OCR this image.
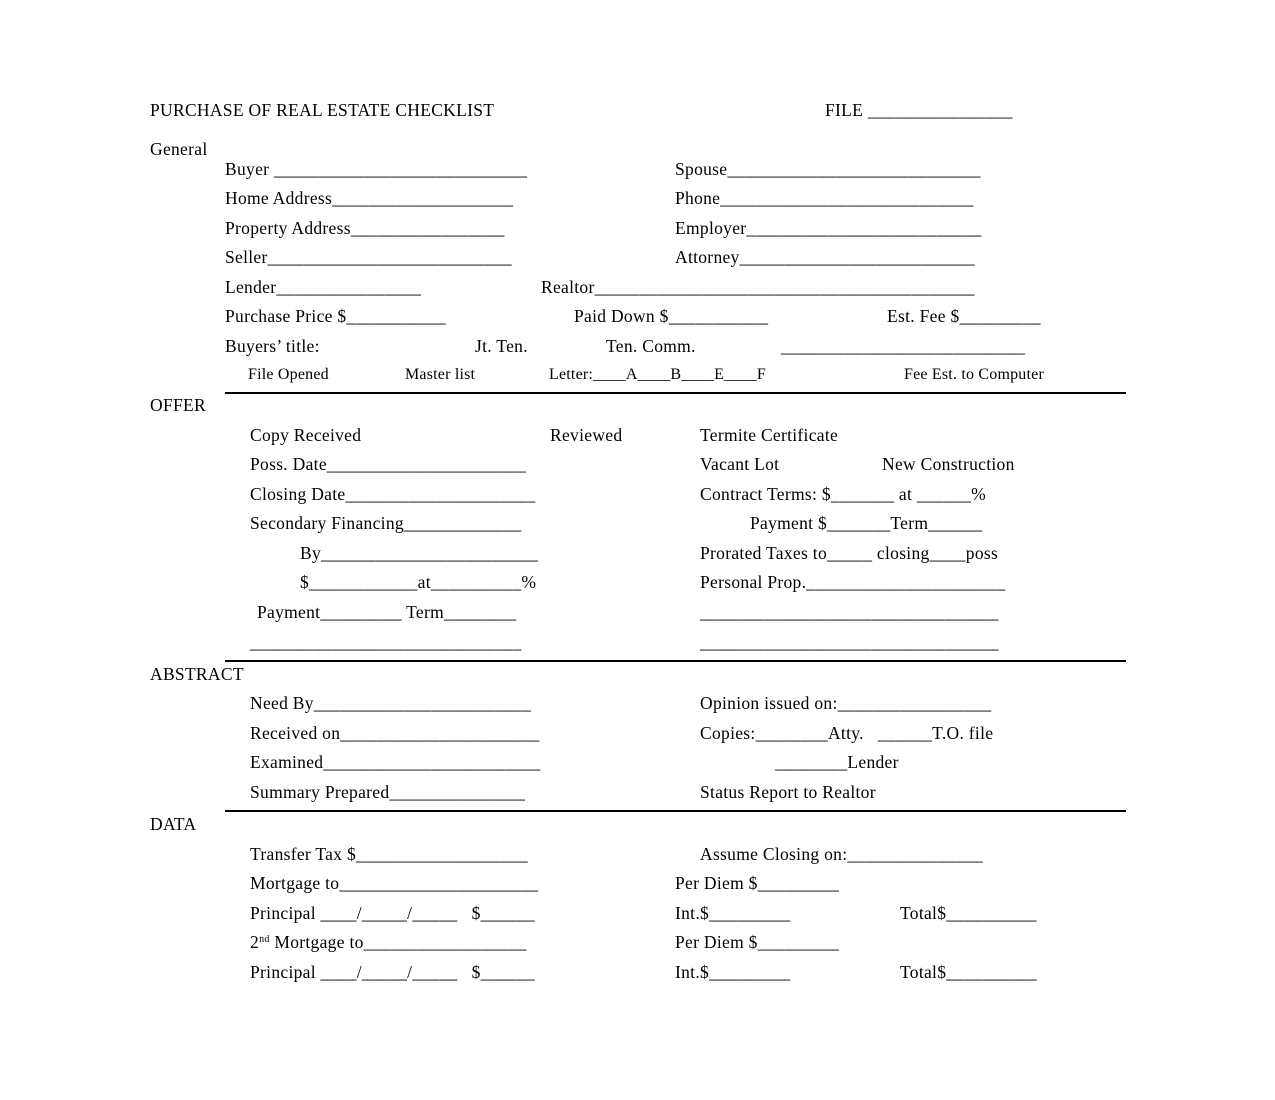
PURCHASE OF REAL ESTATE CHECKLIST	FILE ________________
General
Buyer ____________________________	Spouse____________________________
Home Address____________________	Phone____________________________
Property Address_________________	Employer__________________________
Seller___________________________	Attorney__________________________
Lender________________	Realtor__________________________________________
Purchase Price $___________	Paid Down $___________	Est. Fee $_________
Buyers’ title:	Jt. Ten.	Ten. Comm.	___________________________
File Opened	Master list	Letter:____A____B____E____F	Fee Est. to Computer
OFFER
Copy Received	Reviewed	Termite Certificate
Poss. Date______________________	Vacant Lot	New Construction
Closing Date_____________________	Contract Terms: $_______ at ______%
Secondary Financing_____________	Payment $_______Term______
By________________________	Prorated Taxes to_____ closing____poss
$____________at__________%	Personal Prop.______________________
Payment_________ Term________	_________________________________
______________________________	_________________________________
ABSTRACT
Need By________________________	Opinion issued on:_________________
Received on______________________	Copies:________Atty.   ______T.O. file
Examined________________________	________Lender
Summary Prepared_______________	Status Report to Realtor
DATA
Transfer Tax $___________________	Assume Closing on:_______________
Mortgage to______________________	Per Diem $_________
Principal ____/_____/_____   $______	Int.$_________	Total$__________
2nd Mortgage to__________________	Per Diem $_________
Principal ____/_____/_____   $______	Int.$_________	Total$__________
